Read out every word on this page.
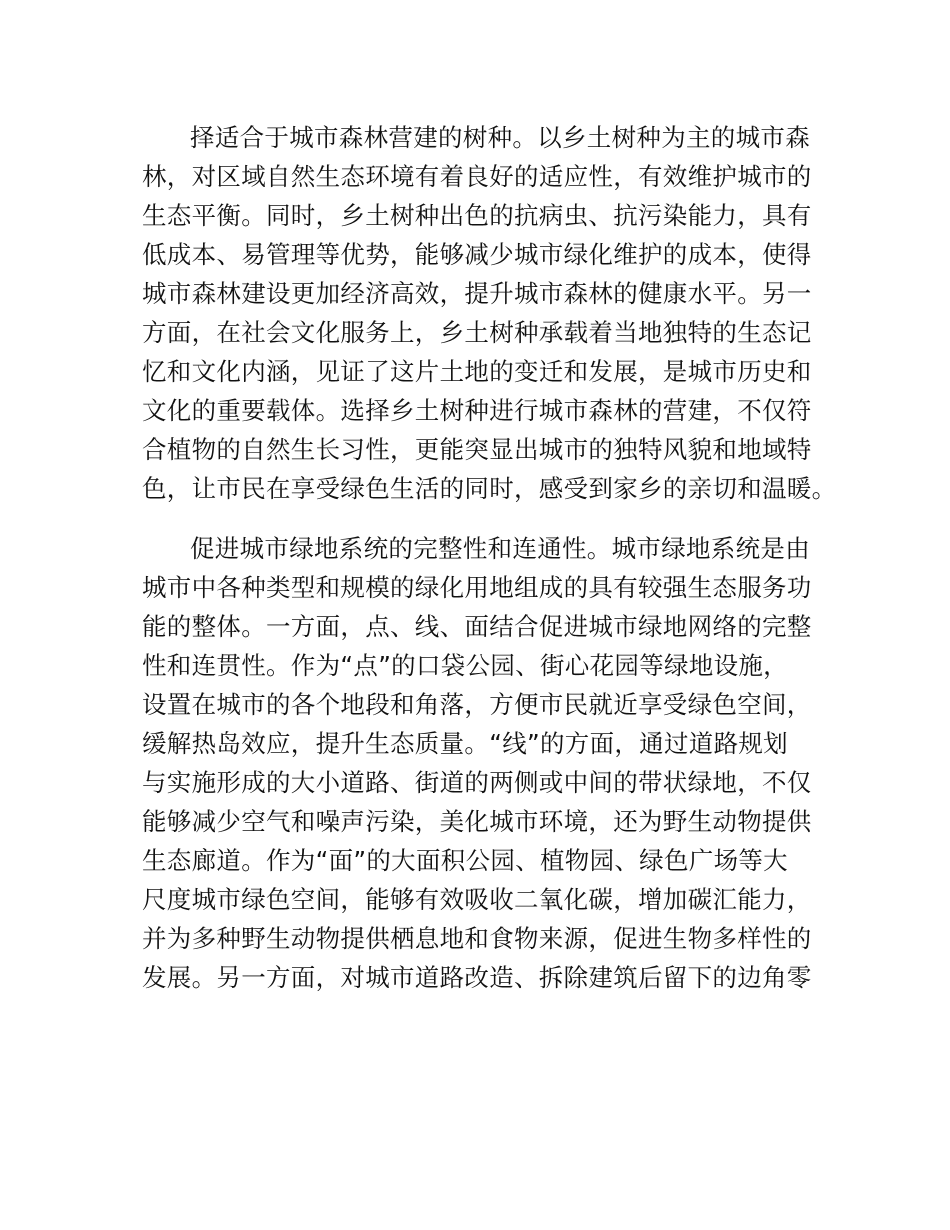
择适合于城市森林营建的树种。以乡土树种为主的城市森
林，对区域自然生态环境有着良好的适应性，有效维护城市的
生态平衡。同时，乡土树种出色的抗病虫、抗污染能力，具有
低成本、易管理等优势，能够减少城市绿化维护的成本，使得
城市森林建设更加经济高效，提升城市森林的健康水平。另一
方面，在社会文化服务上，乡土树种承载着当地独特的生态记
忆和文化内涵，见证了这片土地的变迁和发展，是城市历史和
文化的重要载体。选择乡土树种进行城市森林的营建，不仅符
合植物的自然生长习性，更能突显出城市的独特风貌和地域特
色，让市民在享受绿色生活的同时，感受到家乡的亲切和温暖。
促进城市绿地系统的完整性和连通性。城市绿地系统是由
城市中各种类型和规模的绿化用地组成的具有较强生态服务功
能的整体。一方面，点、线、面结合促进城市绿地网络的完整
性和连贯性。作为“点”的口袋公园、街心花园等绿地设施，
设置在城市的各个地段和角落，方便市民就近享受绿色空间，
缓解热岛效应，提升生态质量。“线”的方面，通过道路规划
与实施形成的大小道路、街道的两侧或中间的带状绿地，不仅
能够减少空气和噪声污染，美化城市环境，还为野生动物提供
生态廊道。作为“面”的大面积公园、植物园、绿色广场等大
尺度城市绿色空间，能够有效吸收二氧化碳，增加碳汇能力，
并为多种野生动物提供栖息地和食物来源，促进生物多样性的
发展。另一方面，对城市道路改造、拆除建筑后留下的边角零
